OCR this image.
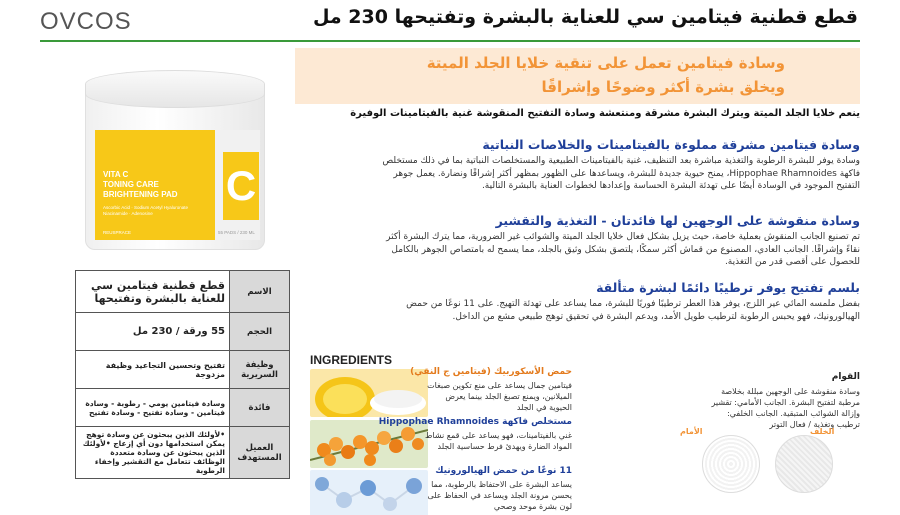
OVCOS	قطع قطنية فيتامين سي للعناية بالبشرة وتفتيحها 230 مل
C
VITA C
TONING CARE
BRIGHTENING PAD
Ascorbic Acid · Sodium Acetyl Hyaluronate
Niacinamide · Adenosine
REUSPRACE	55 PADS / 230 ML
قطع قطنية فيتامين سي للعناية بالبشرة وتفتيحها	الاسم
55 ورقة / 230 مل	الحجم
تفتيح وتحسين التجاعيد وظيفة مزدوجة	وظيفة السريرية
وسادة فيتامين يومي - رطوبة - وسادة فيتامين - وسادة تفتيح - وسادة تفتيح	فائدة
•لأولئك الذين يبحثون عن وسادة توهج يمكن استخدامها دون أي إزعاج •لأولئك الذين يبحثون عن وسادة متعددة الوظائف تتعامل مع التقشير وإخفاء الرطوبة	العميل المستهدف
وسادة فيتامين تعمل على تنقية خلايا الجلد الميتة
ويخلق بشرة أكثر وضوحًا وإشراقًا
ينعم خلايا الجلد الميتة ويترك البشرة مشرقة ومنتعشة وسادة التفتيح المنقوشة غنية بالفيتامينات الوفيرة
وسادة فيتامين مشرقة مملوءة بالفيتامينات والخلاصات النباتية
وسادة يوفر للبشرة الرطوبة والتغذية مباشرة بعد التنظيف، غنية بالفيتامينات الطبيعية والمستخلصات النباتية بما في ذلك مستخلص فاكهة Hippophae Rhamnoides، يمنح حيوية جديدة للبشرة، ويساعدها على الظهور بمظهر أكثر إشراقًا ونضارة. يعمل جوهر التفتيح الموجود في الوسادة أيضًا على تهدئة البشرة الحساسة وإعدادها لخطوات العناية بالبشرة التالية.
وسادة منقوشة على الوجهين لها فائدتان - التغذية والتقشير
تم تصنيع الجانب المنقوش بعملية خاصة، حيث يزيل بشكل فعال خلايا الجلد الميتة والشوائب غير الضرورية، مما يترك البشرة أكثر نقاءً وإشراقًا. الجانب العادي، المصنوع من قماش أكثر سمكًا، يلتصق بشكل وثيق بالجلد، مما يسمح له بامتصاص الجوهر بالكامل للحصول على أقصى قدر من التغذية.
بلسم تفتيح يوفر ترطيبًا دائمًا لبشرة متألقة
بفضل ملمسه المائي عير اللزج، يوفر هذا العطر ترطيبًا فوريًا للبشرة، مما يساعد على تهدئة التهيج. على 11 نوعًا من حمض الهيالورونيك، فهو يحبس الرطوبة لترطيب طويل الأمد، ويدعم البشرة في تحقيق توهج طبيعي مشع من الداخل.
INGREDIENTS
حمض الأسكوربيك (فيتامين ج النقي)
فيتامين جمال يساعد على منع تكوين صبغات الميلانين، ويمنع تصبغ الجلد بينما يعرض الحيوية في الجلد
مستخلص فاكهة Hippophae Rhamnoides
غني بالفيتامينات، فهو يساعد على قمع نشاط المواد الضارة ويهدئ فرط حساسية الجلد
11 نوعًا من حمض الهيالورونيك
يساعد البشرة على الاحتفاظ بالرطوبة، مما يحسن مرونة الجلد ويساعد في الحفاظ على لون بشرة موحد وصحي
القوام
وسادة منقوشة على الوجهين مبللة بخلاصة مرطبة لتفتيح البشرة. الجانب الأمامي: تقشير وإزالة الشوائب المتبقية. الجانب الخلفي: ترطيب وتغذية / فعال التوتر
الأمام	الخلف
